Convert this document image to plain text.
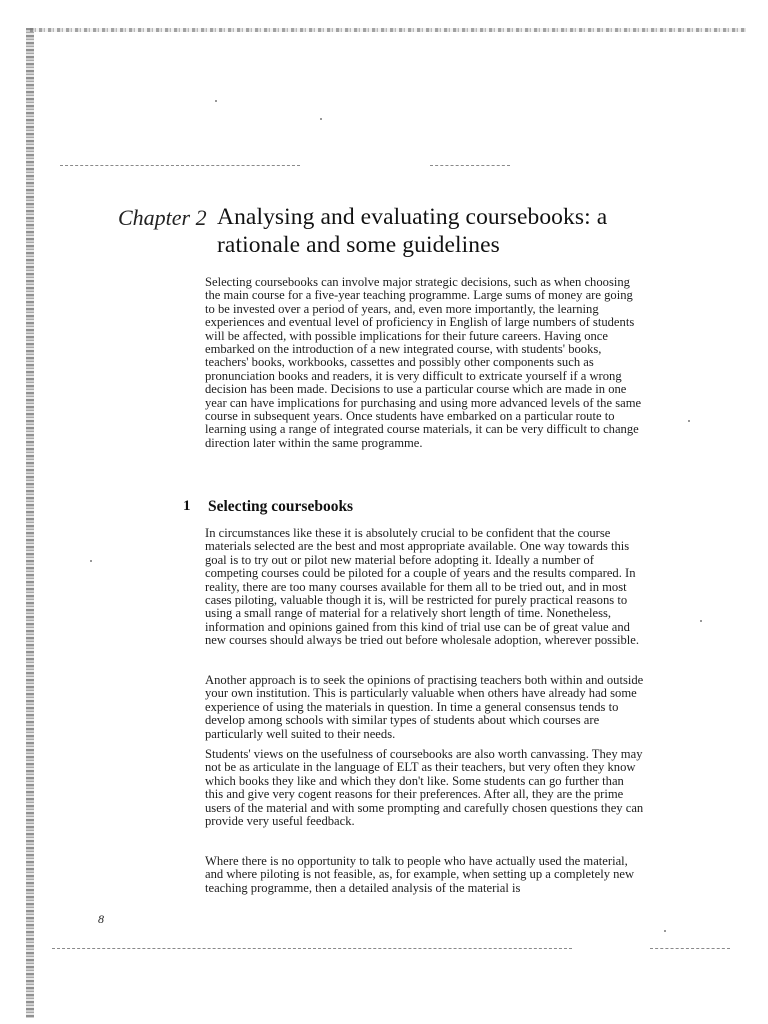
Chapter 2 Analysing and evaluating coursebooks: a rationale and some guidelines

Selecting coursebooks can involve major strategic decisions, such as when choosing the main course for a five-year teaching programme. Large sums of money are going to be invested over a period of years, and, even more importantly, the learning experiences and eventual level of proficiency in English of large numbers of students will be affected, with possible implications for their future careers. Having once embarked on the introduction of a new integrated course, with students' books, teachers' books, workbooks, cassettes and possibly other components such as pronunciation books and readers, it is very difficult to extricate yourself if a wrong decision has been made. Decisions to use a particular course which are made in one year can have implications for purchasing and using more advanced levels of the same course in subsequent years. Once students have embarked on a particular route to learning using a range of integrated course materials, it can be very difficult to change direction later within the same programme.

1 Selecting coursebooks

In circumstances like these it is absolutely crucial to be confident that the course materials selected are the best and most appropriate available. One way towards this goal is to try out or pilot new material before adopting it. Ideally a number of competing courses could be piloted for a couple of years and the results compared. In reality, there are too many courses available for them all to be tried out, and in most cases piloting, valuable though it is, will be restricted for purely practical reasons to using a small range of material for a relatively short length of time. Nonetheless, information and opinions gained from this kind of trial use can be of great value and new courses should always be tried out before wholesale adoption, wherever possible.

Another approach is to seek the opinions of practising teachers both within and outside your own institution. This is particularly valuable when others have already had some experience of using the materials in question. In time a general consensus tends to develop among schools with similar types of students about which courses are particularly well suited to their needs.

Students' views on the usefulness of coursebooks are also worth canvassing. They may not be as articulate in the language of ELT as their teachers, but very often they know which books they like and which they don't like. Some students can go further than this and give very cogent reasons for their preferences. After all, they are the prime users of the material and with some prompting and carefully chosen questions they can provide very useful feedback.

Where there is no opportunity to talk to people who have actually used the material, and where piloting is not feasible, as, for example, when setting up a completely new teaching programme, then a detailed analysis of the material is

8
